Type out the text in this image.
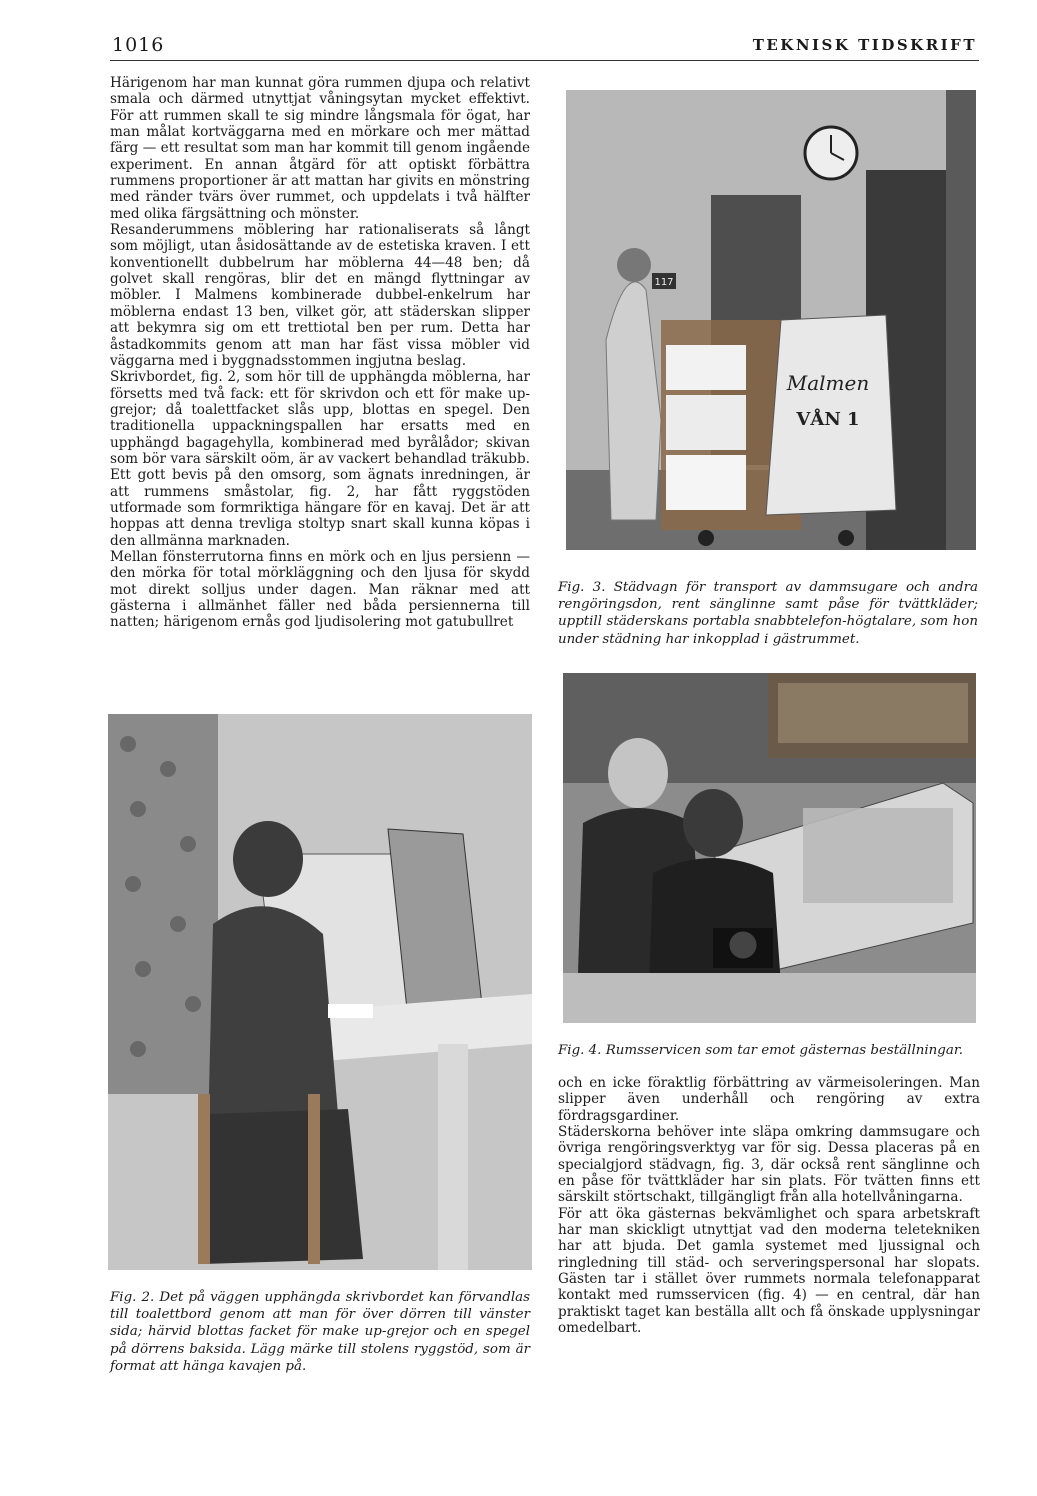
1016	TEKNISK TIDSKRIFT

Härigenom har man kunnat göra rummen djupa och relativt smala och därmed utnyttjat våningsytan mycket effektivt. För att rummen skall te sig mindre långsmala för ögat, har man målat kortväggarna med en mörkare och mer mättad färg — ett resultat som man har kommit till genom ingående experiment. En annan åtgärd för att optiskt förbättra rummens proportioner är att mattan har givits en mönstring med ränder tvärs över rummet, och uppdelats i två hälfter med olika färgsättning och mönster.

Resanderummens möblering har rationaliserats så långt som möjligt, utan åsidosättande av de estetiska kraven. I ett konventionellt dubbelrum har möblerna 44—48 ben; då golvet skall rengöras, blir det en mängd flyttningar av möbler. I Malmens kombinerade dubbel-enkelrum har möblerna endast 13 ben, vilket gör, att städerskan slipper att bekymra sig om ett trettiotal ben per rum. Detta har åstadkommits genom att man har fäst vissa möbler vid väggarna med i byggnadsstommen ingjutna beslag.

Skrivbordet, fig. 2, som hör till de upphängda möblerna, har försetts med två fack: ett för skrivdon och ett för make up-grejor; då toalettfacket slås upp, blottas en spegel. Den traditionella uppackningspallen har ersatts med en upphängd bagagehylla, kombinerad med byrålådor; skivan som bör vara särskilt oöm, är av vackert behandlad träkubb. Ett gott bevis på den omsorg, som ägnats inredningen, är att rummens småstolar, fig. 2, har fått ryggstöden utformade som formriktiga hängare för en kavaj. Det är att hoppas att denna trevliga stoltyp snart skall kunna köpas i den allmänna marknaden.

Mellan fönsterrutorna finns en mörk och en ljus persienn — den mörka för total mörkläggning och den ljusa för skydd mot direkt solljus under dagen. Man räknar med att gästerna i allmänhet fäller ned båda persiennerna till natten; härigenom ernås god ljudisolering mot gatubullret

117
Malmen
VÅN 1
Fig. 3. Städvagn för transport av dammsugare och andra rengöringsdon, rent sänglinne samt påse för tvättkläder; upptill städerskans portabla snabbtelefon-högtalare, som hon under städning har inkopplad i gästrummet.
Fig. 4. Rumsservicen som tar emot gästernas beställningar.
Fig. 2. Det på väggen upphängda skrivbordet kan förvandlas till toalettbord genom att man för över dörren till vänster sida; härvid blottas facket för make up-grejor och en spegel på dörrens baksida. Lägg märke till stolens ryggstöd, som är format att hänga kavajen på.

och en icke föraktlig förbättring av värmeisoleringen. Man slipper även underhåll och rengöring av extra fördragsgardiner.

Städerskorna behöver inte släpa omkring dammsugare och övriga rengöringsverktyg var för sig. Dessa placeras på en specialgjord städvagn, fig. 3, där också rent sänglinne och en påse för tvättkläder har sin plats. För tvätten finns ett särskilt störtschakt, tillgängligt från alla hotellvåningarna.

För att öka gästernas bekvämlighet och spara arbetskraft har man skickligt utnyttjat vad den moderna teletekniken har att bjuda. Det gamla systemet med ljussignal och ringledning till städ- och serveringspersonal har slopats. Gästen tar i stället över rummets normala telefonapparat kontakt med rumsservicen (fig. 4) — en central, där han praktiskt taget kan beställa allt och få önskade upplysningar omedelbart.
